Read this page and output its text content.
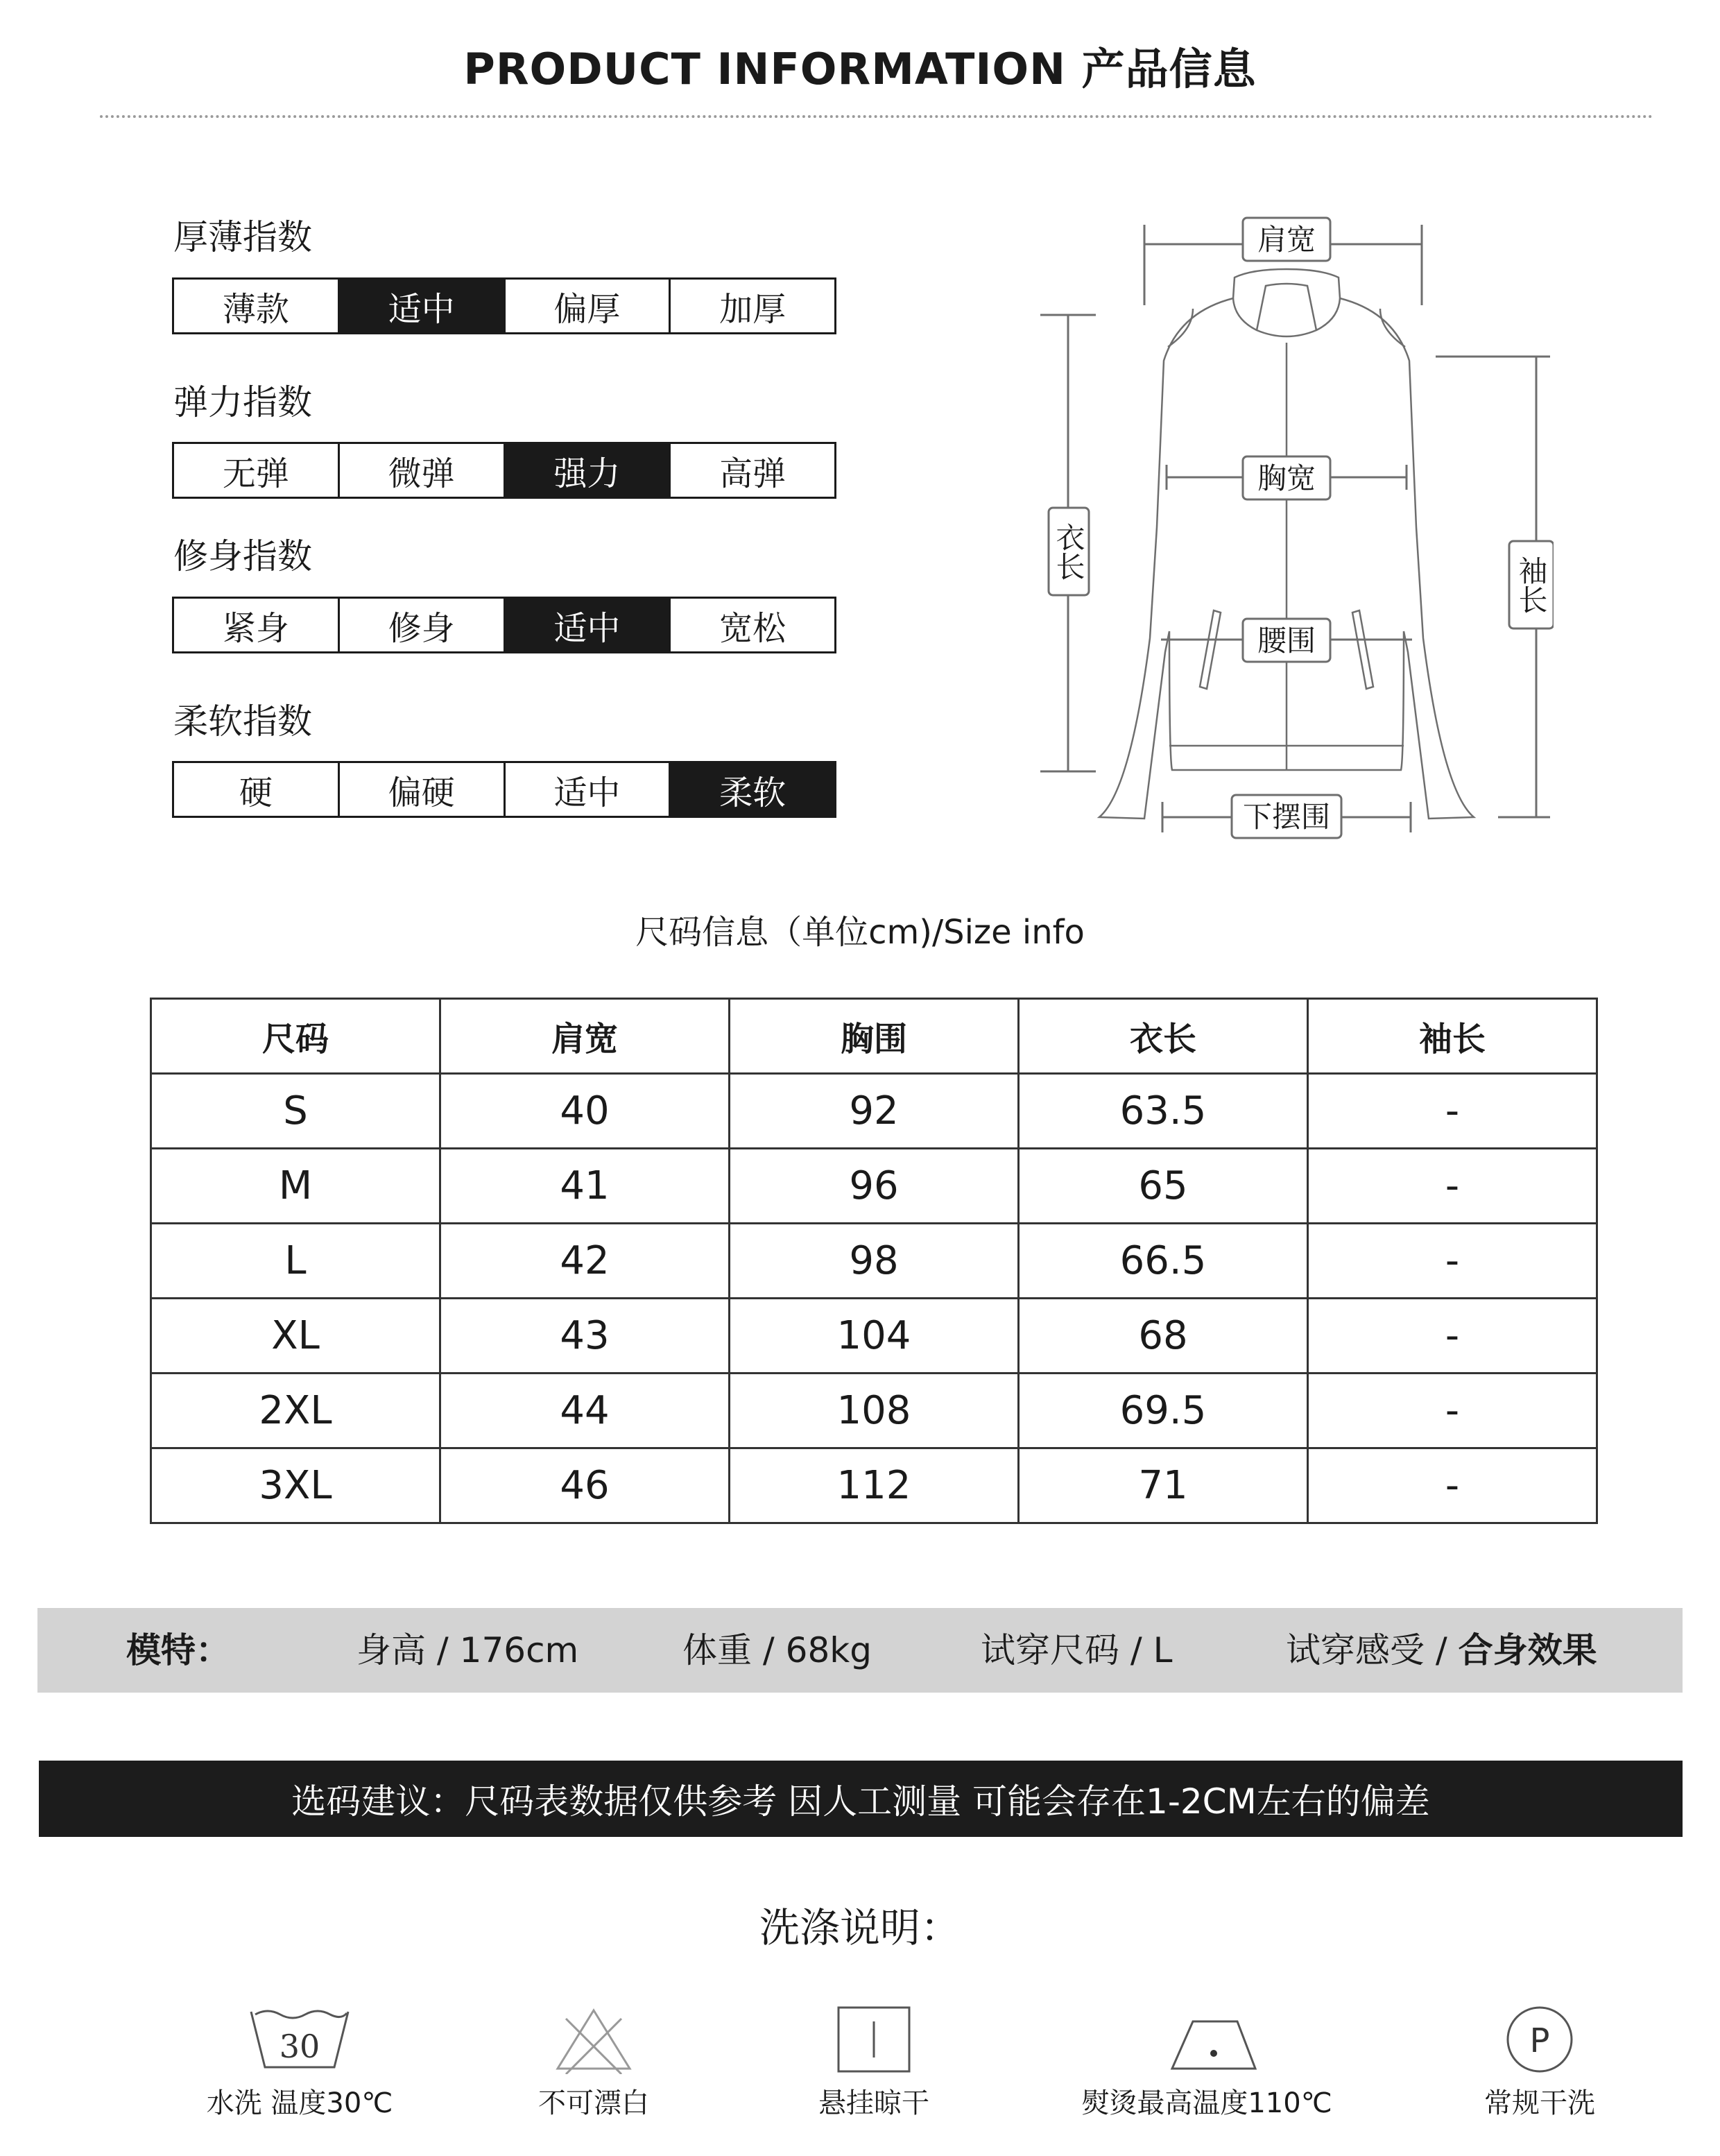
PRODUCT INFORMATION 产品信息
厚薄指数
薄款	适中	偏厚	加厚
弹力指数
无弹	微弹	强力	高弹
修身指数
紧身	修身	适中	宽松
柔软指数
硬	偏硬	适中	柔软
肩宽
胸宽
腰围
下摆围
衣长
袖长
尺码信息（单位cm)/Size info
尺码	肩宽	胸围	衣长	袖长
S	40	92	63.5	-
M	41	96	65	-
L	42	98	66.5	-
XL	43	104	68	-
2XL	44	108	69.5	-
3XL	46	112	71	-
模特：	身高 / 176cm	体重 / 68kg	试穿尺码 / L	试穿感受 / 合身效果
选码建议：尺码表数据仅供参考 因人工测量 可能会存在1-2CM左右的偏差
洗涤说明：
30
水洗 温度30℃	不可漂白	悬挂晾干	熨烫最高温度110℃
P
常规干洗
